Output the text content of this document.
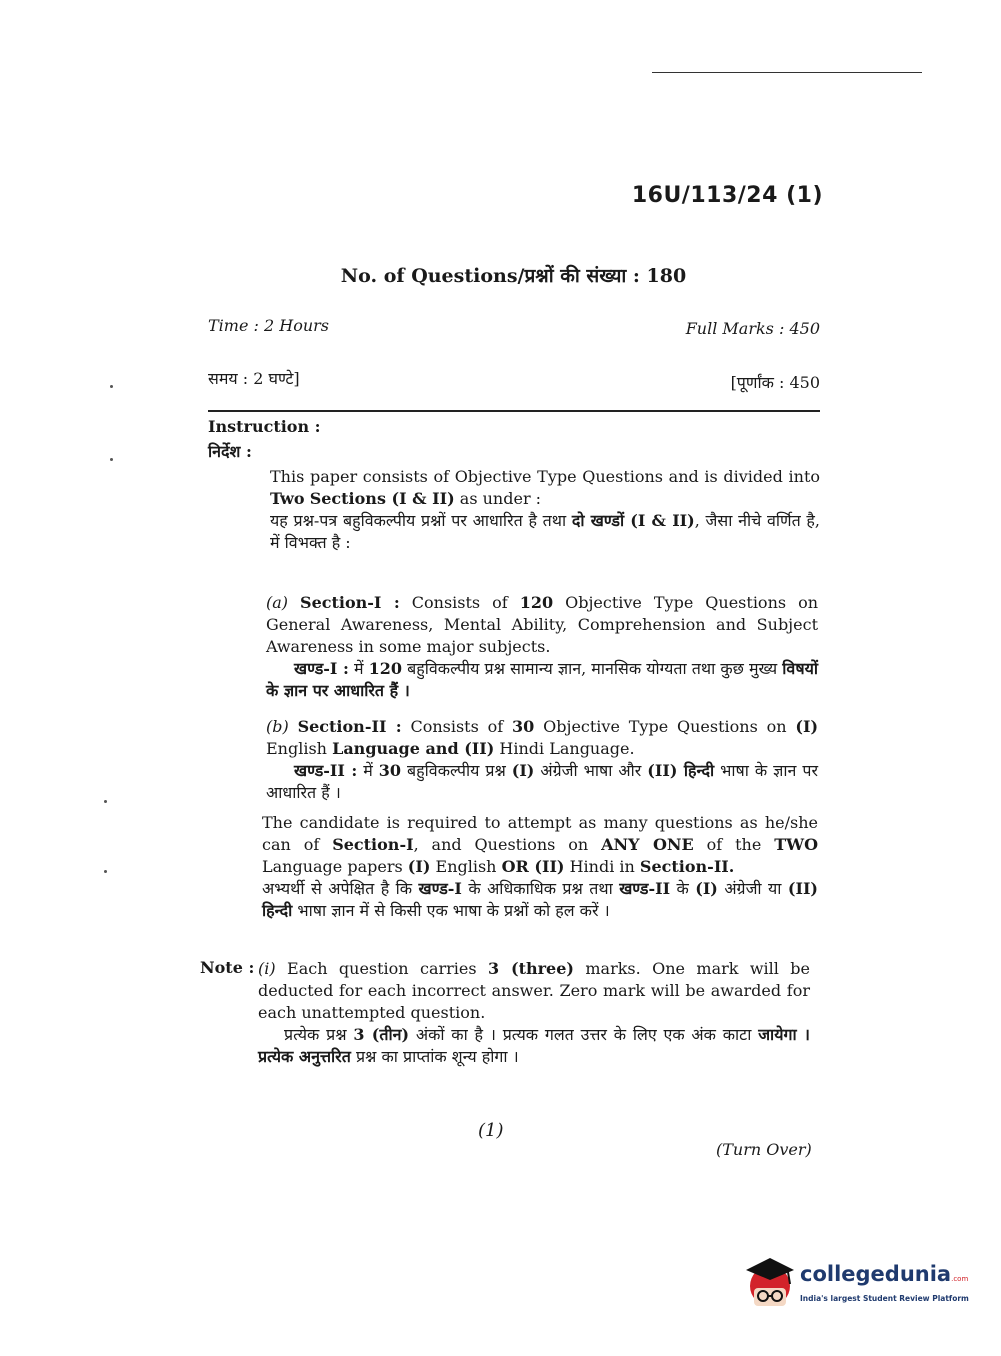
16U/113/24 (1)
No. of Questions/प्रश्नों की संख्या : 180
Time : 2 Hours	Full Marks : 450
समय : 2 घण्टे]	[पूर्णांक : 450
Instruction :
निर्देश :
This paper consists of Objective Type Questions and is divided into Two Sections (I & II) as under :
यह प्रश्न-पत्र बहुविकल्पीय प्रश्नों पर आधारित है तथा दो खण्डों (I & II), जैसा नीचे वर्णित है, में विभक्त है :
(a) Section-I : Consists of 120 Objective Type Questions on General Awareness, Mental Ability, Comprehension and Subject Awareness in some major subjects.
खण्ड-I : में 120 बहुविकल्पीय प्रश्न सामान्य ज्ञान, मानसिक योग्यता तथा कुछ मुख्य विषयों के ज्ञान पर आधारित हैं ।
(b) Section-II : Consists of 30 Objective Type Questions on (I) English Language and (II) Hindi Language.
खण्ड-II : में 30 बहुविकल्पीय प्रश्न (I) अंग्रेजी भाषा और (II) हिन्दी भाषा के ज्ञान पर आधारित हैं ।
The candidate is required to attempt as many questions as he/she can of Section-I, and Questions on ANY ONE of the TWO Language papers (I) English OR (II) Hindi in Section-II.
अभ्यर्थी से अपेक्षित है कि खण्ड-I के अधिकाधिक प्रश्न तथा खण्ड-II के (I) अंग्रेजी या (II) हिन्दी भाषा ज्ञान में से किसी एक भाषा के प्रश्नों को हल करें ।
Note : (i) Each question carries 3 (three) marks. One mark will be deducted for each incorrect answer. Zero mark will be awarded for each unattempted question.
प्रत्येक प्रश्न 3 (तीन) अंकों का है । प्रत्यक गलत उत्तर के लिए एक अंक काटा जायेगा । प्रत्येक अनुत्तरित प्रश्न का प्राप्तांक शून्य होगा ।
(1)
(Turn Over)
collegedunia.com
India's largest Student Review Platform
